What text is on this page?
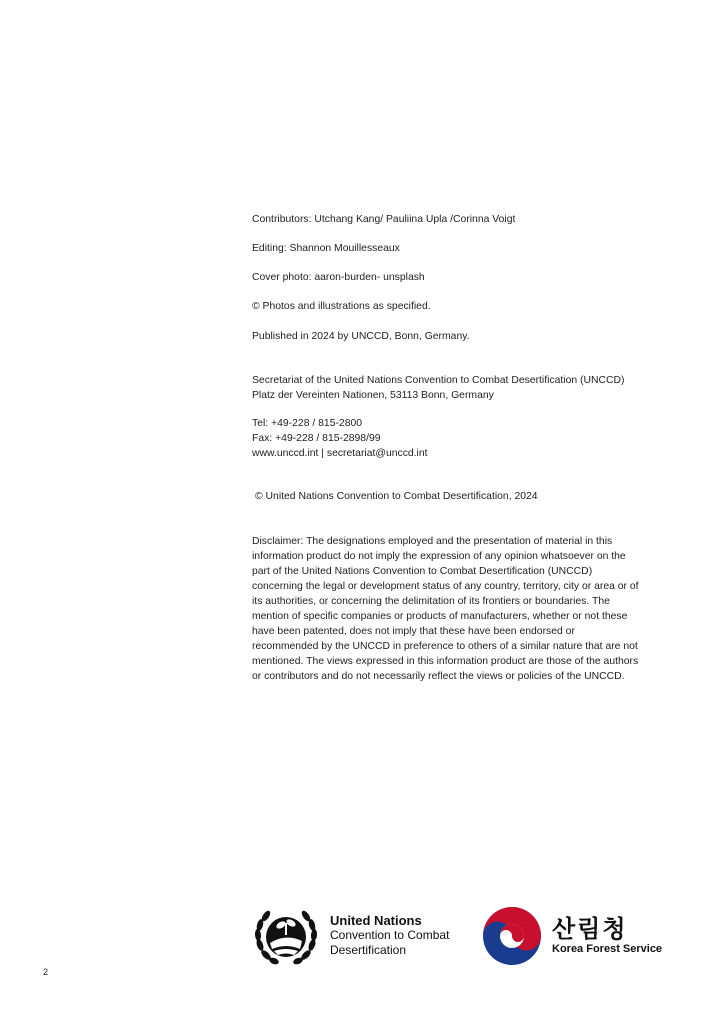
Contributors: Utchang Kang/ Pauliina Upla /Corinna Voigt

Editing: Shannon Mouillesseaux

Cover photo: aaron-burden- unsplash

© Photos and illustrations as specified.

Published in 2024 by UNCCD, Bonn, Germany.

Secretariat of the United Nations Convention to Combat Desertification (UNCCD)
Platz der Vereinten Nationen, 53113 Bonn, Germany
Tel: +49-228 / 815-2800
Fax: +49-228 / 815-2898/99
www.unccd.int | secretariat@unccd.int

© United Nations Convention to Combat Desertification, 2024

Disclaimer: The designations employed and the presentation of material in this information product do not imply the expression of any opinion whatsoever on the part of the United Nations Convention to Combat Desertification (UNCCD) concerning the legal or development status of any country, territory, city or area or of its authorities, or concerning the delimitation of its frontiers or boundaries. The mention of specific companies or products of manufacturers, whether or not these have been patented, does not imply that these have been endorsed or recommended by the UNCCD in preference to others of a similar nature that are not mentioned. The views expressed in this information product are those of the authors or contributors and do not necessarily reflect the views or policies of the UNCCD.

United Nations
Convention to Combat
Desertification
산림청
Korea Forest Service
2
